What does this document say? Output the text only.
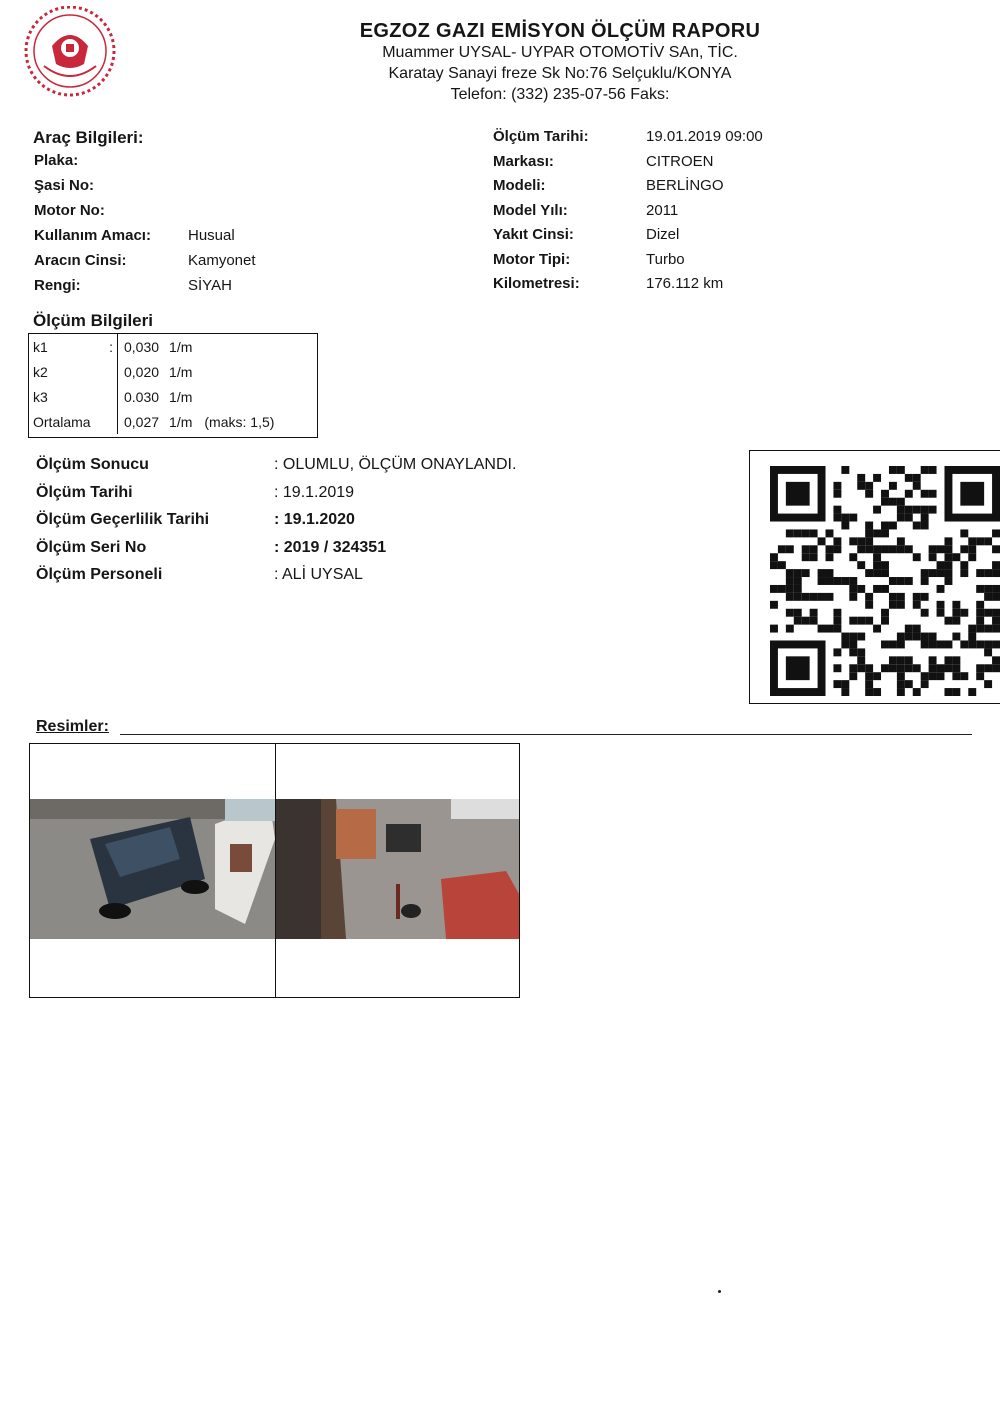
EGZOZ GAZI EMİSYON ÖLÇÜM RAPORU
Muammer UYSAL- UYPAR OTOMOTİV SAn, TİC.
Karatay Sanayi freze Sk No:76 Selçuklu/KONYA
Telefon: (332) 235-07-56 Faks:
Araç Bilgileri:
Plaka:
Şasi No:
Motor No:
Kullanım Amacı: Husual
Aracın Cinsi:	Kamyonet
Rengi:	SİYAH
Ölçüm Tarihi:	19.01.2019 09:00
Markası:	CITROEN
Modeli:	BERLİNGO
Model Yılı:	2011
Yakıt Cinsi:	Dizel
Motor Tipi:	Turbo
Kilometresi:	176.112 km
Ölçüm Bilgileri
k1 :	0,030 1/m
k2	0,020 1/m
k3	0.030 1/m
Ortalama	0,027 1/m (maks: 1,5)
Ölçüm Sonucu	: OLUMLU, ÖLÇÜM ONAYLANDI.
Ölçüm Tarihi	: 19.1.2019
Ölçüm Geçerlilik Tarihi	: 19.1.2020
Ölçüm Seri No	: 2019 / 324351
Ölçüm Personeli	: ALİ UYSAL
Resimler:
